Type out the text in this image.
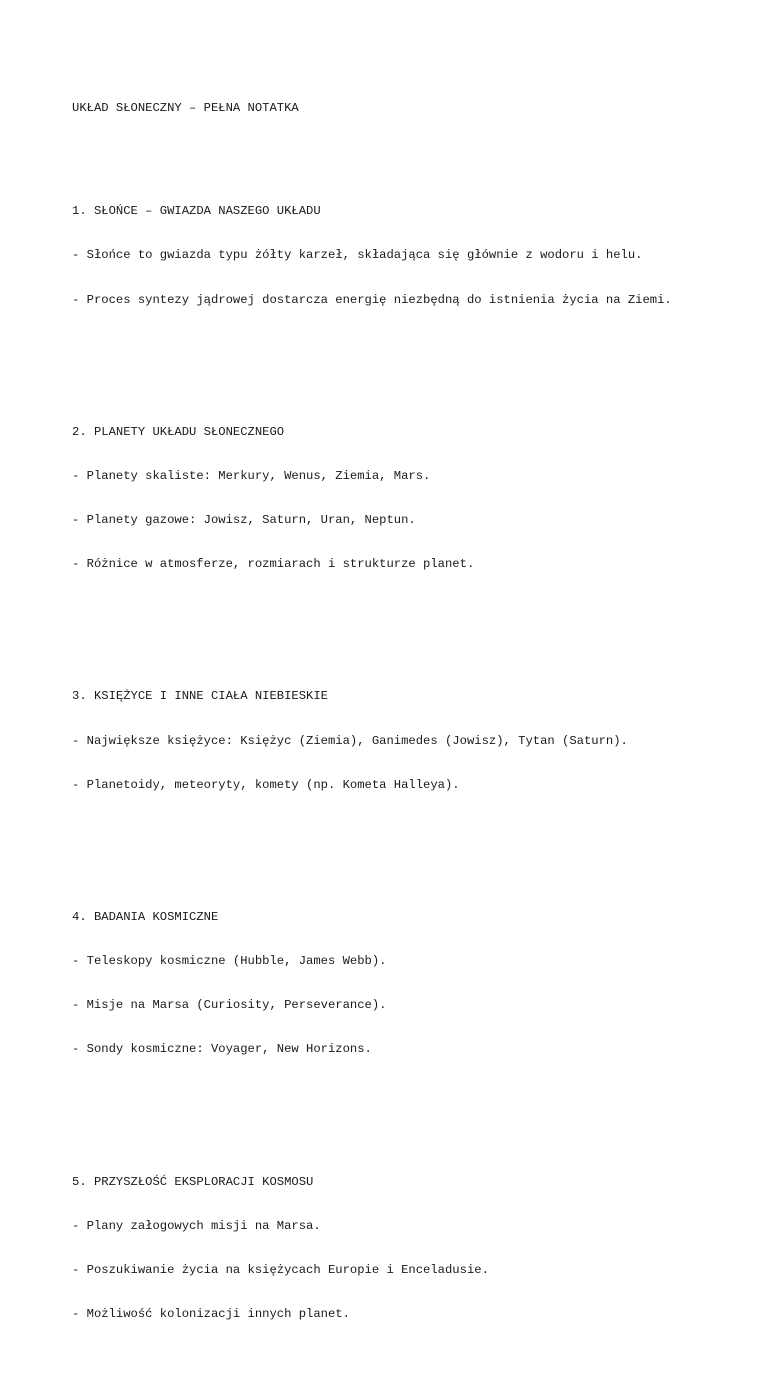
UKŁAD SŁONECZNY – PEŁNA NOTATKA

1. SŁOŃCE – GWIAZDA NASZEGO UKŁADU

- Słońce to gwiazda typu żółty karzeł, składająca się głównie z wodoru i helu.

- Proces syntezy jądrowej dostarcza energię niezbędną do istnienia życia na Ziemi.

2. PLANETY UKŁADU SŁONECZNEGO

- Planety skaliste: Merkury, Wenus, Ziemia, Mars.

- Planety gazowe: Jowisz, Saturn, Uran, Neptun.

- Różnice w atmosferze, rozmiarach i strukturze planet.

3. KSIĘŻYCE I INNE CIAŁA NIEBIESKIE

- Największe księżyce: Księżyc (Ziemia), Ganimedes (Jowisz), Tytan (Saturn).

- Planetoidy, meteoryty, komety (np. Kometa Halleya).

4. BADANIA KOSMICZNE

- Teleskopy kosmiczne (Hubble, James Webb).

- Misje na Marsa (Curiosity, Perseverance).

- Sondy kosmiczne: Voyager, New Horizons.

5. PRZYSZŁOŚĆ EKSPLORACJI KOSMOSU

- Plany załogowych misji na Marsa.

- Poszukiwanie życia na księżycach Europie i Enceladusie.

- Możliwość kolonizacji innych planet.
